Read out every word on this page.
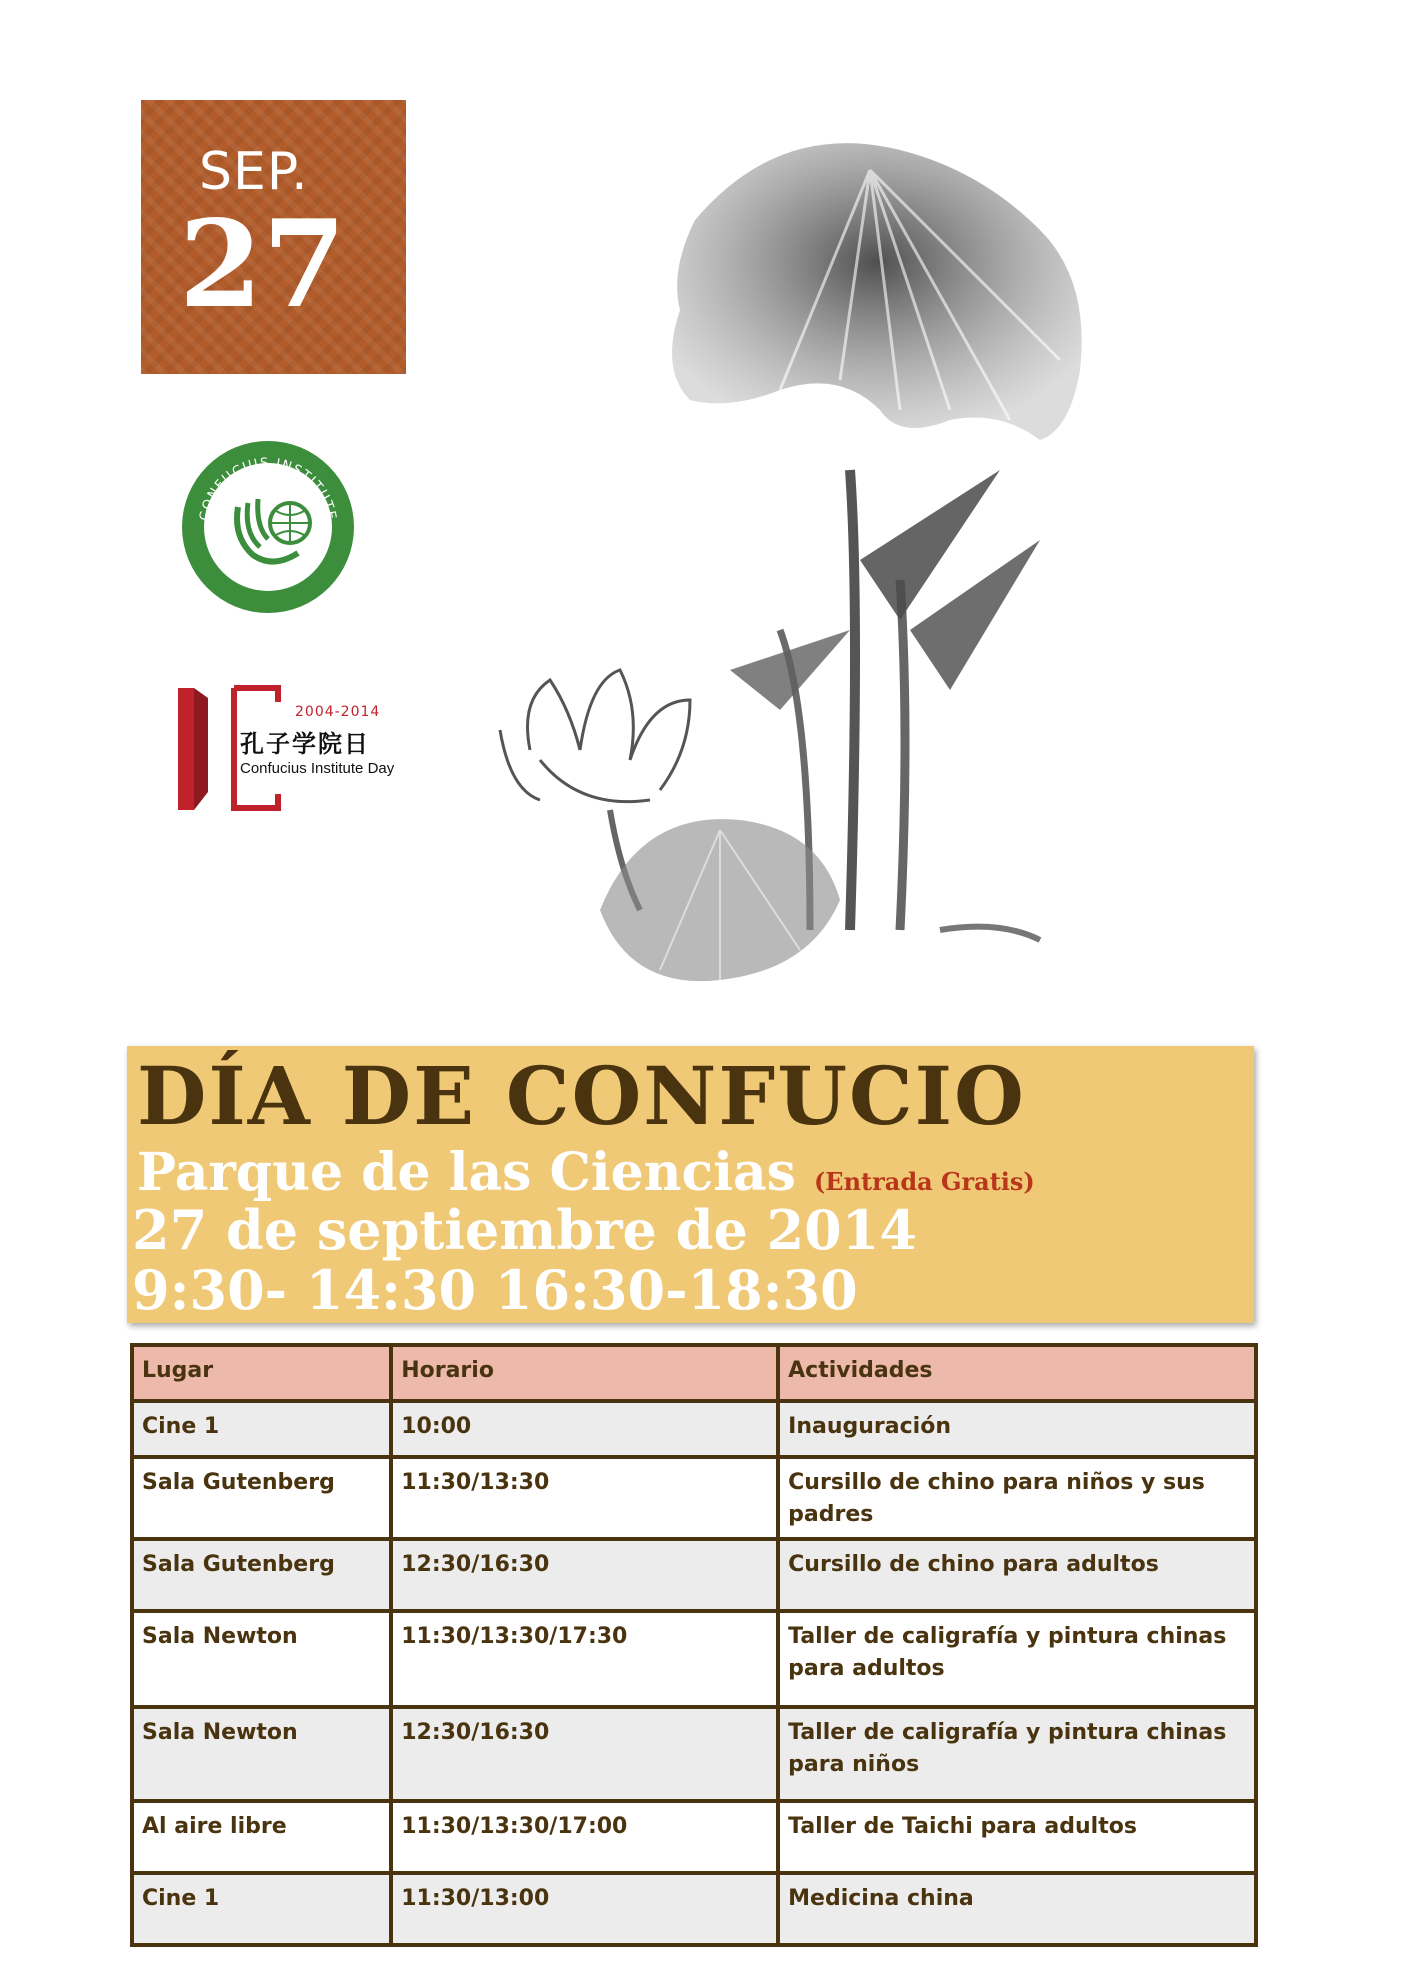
SEP.
27
CONFUCIUS INSTITUTE
孔子学院
2004-2014
孔子学院日
Confucius Institute Day
DÍA DE CONFUCIO
Parque de las Ciencias (Entrada Gratis)
27 de septiembre de 2014
9:30- 14:30 16:30-18:30
Lugar	Horario	Actividades
Cine 1	10:00	Inauguración
Sala Gutenberg	11:30/13:30	Cursillo de chino para niños y sus padres
Sala Gutenberg	12:30/16:30	Cursillo de chino para adultos
Sala Newton	11:30/13:30/17:30	Taller de caligrafía y pintura chinas para adultos
Sala Newton	12:30/16:30	Taller de caligrafía y pintura chinas para niños
Al aire libre	11:30/13:30/17:00	Taller de Taichi para adultos
Cine 1	11:30/13:00	Medicina china
